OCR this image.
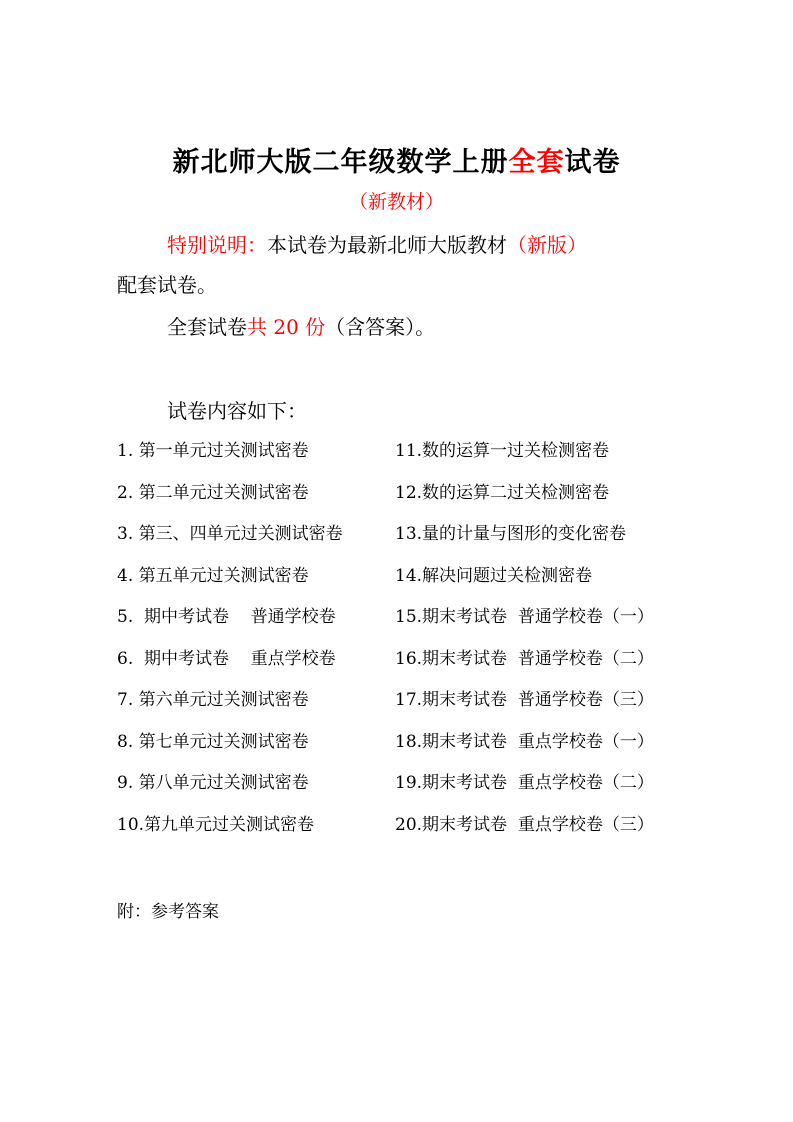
新北师大版二年级数学上册全套试卷
（新教材）
特别说明：本试卷为最新北师大版教材（新版）
配套试卷。
全套试卷共 20 份（含答案）。
试卷内容如下：
1. 第一单元过关测试密卷	11.数的运算一过关检测密卷
2. 第二单元过关测试密卷	12.数的运算二过关检测密卷
3. 第三、四单元过关测试密卷	13.量的计量与图形的变化密卷
4. 第五单元过关测试密卷	14.解决问题过关检测密卷
5.  期中考试卷    普通学校卷	15.期末考试卷  普通学校卷（一）
6.  期中考试卷    重点学校卷	16.期末考试卷  普通学校卷（二）
7. 第六单元过关测试密卷	17.期末考试卷  普通学校卷（三）
8. 第七单元过关测试密卷	18.期末考试卷  重点学校卷（一）
9. 第八单元过关测试密卷	19.期末考试卷  重点学校卷（二）
10.第九单元过关测试密卷	20.期末考试卷  重点学校卷（三）
附：参考答案
